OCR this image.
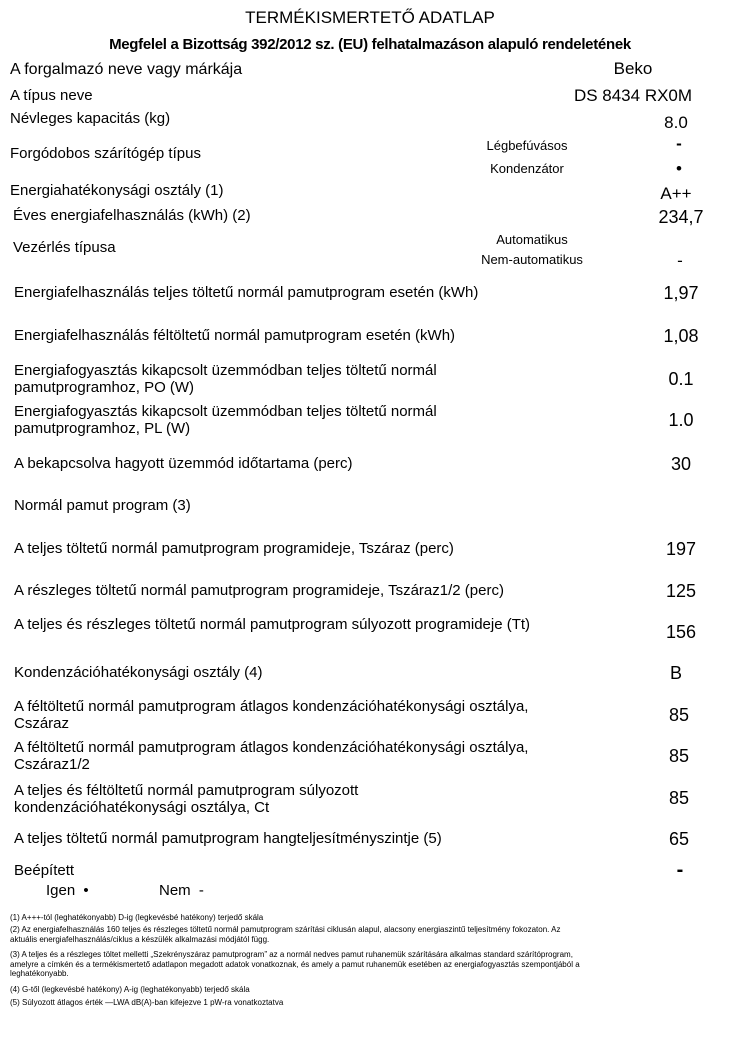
TERMÉKISMERTETŐ ADATLAP
Megfelel a Bizottság 392/2012 sz. (EU) felhatalmazáson alapuló rendeletének
A forgalmazó neve vagy márkája	Beko
A típus neve	DS 8434 RX0M
Névleges kapacitás (kg)	8.0
Forgódobos szárítógép típus	Légbefúvásos	-
Kondenzátor	•
Energiahatékonysági osztály (1)	A++
Éves energiafelhasználás (kWh) (2)	234,7
Vezérlés típusa	Automatikus
Nem-automatikus	-
Energiafelhasználás teljes töltetű normál pamutprogram esetén (kWh)	1,97
Energiafelhasználás féltöltetű normál pamutprogram esetén (kWh)	1,08
Energiafogyasztás kikapcsolt üzemmódban teljes töltetű normál pamutprogramhoz, PO (W)	0.1
Energiafogyasztás kikapcsolt üzemmódban teljes töltetű normál pamutprogramhoz, PL (W)	1.0
A bekapcsolva hagyott üzemmód időtartama (perc)	30
Normál pamut program (3)
A teljes töltetű normál pamutprogram programideje, Tszáraz (perc)	197
A részleges töltetű normál pamutprogram programideje, Tszáraz1/2 (perc)	125
A teljes és részleges töltetű normál pamutprogram súlyozott programideje (Tt)	156
Kondenzációhatékonysági osztály (4)	B
A féltöltetű normál pamutprogram átlagos kondenzációhatékonysági osztálya, Cszáraz	85
A féltöltetű normál pamutprogram átlagos kondenzációhatékonysági osztálya, Cszáraz1/2	85
A teljes és féltöltetű normál pamutprogram súlyozott kondenzációhatékonysági osztálya, Ct	85
A teljes töltetű normál pamutprogram hangteljesítményszintje (5)	65
Beépített	-
Igen •	Nem -
(1) A+++-tól (leghatékonyabb) D-ig (legkevésbé hatékony) terjedő skála
(2) Az energiafelhasználás 160 teljes és részleges töltetű normál pamutprogram szárítási ciklusán alapul, alacsony energiaszintű teljesítmény fokozaton. Az aktuális energiafelhasználás/ciklus a készülék alkalmazási módjától függ.
(3) A teljes és a részleges töltet melletti „Szekrényszáraz pamutprogram” az a normál nedves pamut ruhanemük szárítására alkalmas standard szárítóprogram, amelyre a címkén és a termékismertető adatlapon megadott adatok vonatkoznak, és amely a pamut ruhanemük esetében az energiafogyasztás szempontjából a leghatékonyabb.
(4) G-től (legkevésbé hatékony) A-ig (leghatékonyabb) terjedő skála
(5) Súlyozott átlagos érték —LWA dB(A)-ban kifejezve 1 pW-ra vonatkoztatva
